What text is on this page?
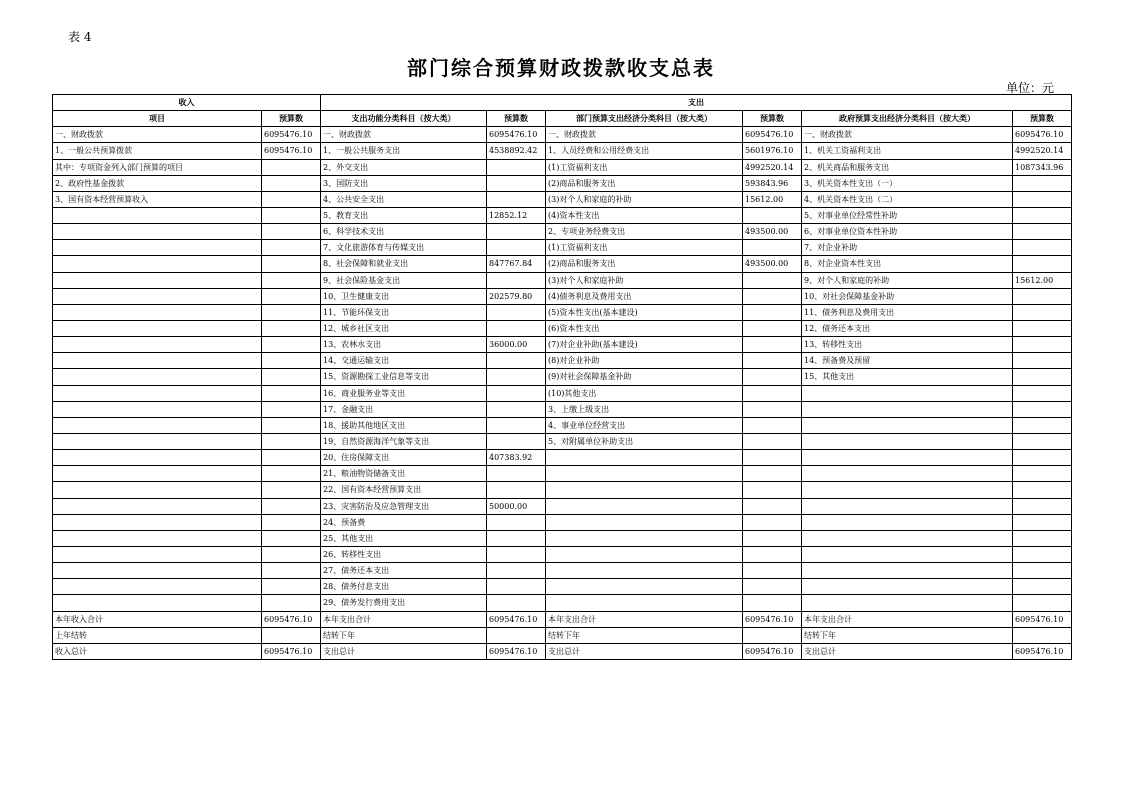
表 4
部门综合预算财政拨款收支总表
单位：元
收入		支出					
项目	预算数	支出功能分类科目（按大类）	预算数	部门预算支出经济分类科目（按大类）	预算数	政府预算支出经济分类科目（按大类）	预算数
一、财政拨款	6095476.10	一、财政拨款	6095476.10	一、财政拨款	6095476.10	一、财政拨款	6095476.10
1、一般公共预算拨款	6095476.10	1、一般公共服务支出	4538892.42	1、人员经费和公用经费支出	5601976.10	1、机关工资福利支出	4992520.14
其中：专项资金列入部门预算的项目		2、外交支出		(1)工资福利支出	4992520.14	2、机关商品和服务支出	1087343.96
2、政府性基金拨款		3、国防支出		(2)商品和服务支出	593843.96	3、机关资本性支出（一）	
3、国有资本经营预算收入		4、公共安全支出		(3)对个人和家庭的补助	15612.00	4、机关资本性支出（二）	
		5、教育支出	12852.12	(4)资本性支出		5、对事业单位经常性补助	
		6、科学技术支出		2、专项业务经费支出	493500.00	6、对事业单位资本性补助	
		7、文化旅游体育与传媒支出		(1)工资福利支出		7、对企业补助	
		8、社会保障和就业支出	847767.84	(2)商品和服务支出	493500.00	8、对企业资本性支出	
		9、社会保险基金支出		(3)对个人和家庭补助		9、对个人和家庭的补助	15612.00
		10、卫生健康支出	202579.80	(4)债务利息及费用支出		10、对社会保障基金补助	
		11、节能环保支出		(5)资本性支出(基本建设)		11、债务利息及费用支出	
		12、城乡社区支出		(6)资本性支出		12、债务还本支出	
		13、农林水支出	36000.00	(7)对企业补助(基本建设)		13、转移性支出	
		14、交通运输支出		(8)对企业补助		14、预备费及预留	
		15、资源勘探工业信息等支出		(9)对社会保障基金补助		15、其他支出	
		16、商业服务业等支出		(10)其他支出			
		17、金融支出		3、上缴上级支出			
		18、援助其他地区支出		4、事业单位经营支出			
		19、自然资源海洋气象等支出		5、对附属单位补助支出			
		20、住房保障支出	407383.92				
		21、粮油物资储备支出					
		22、国有资本经营预算支出					
		23、灾害防治及应急管理支出	50000.00				
		24、预备费					
		25、其他支出					
		26、转移性支出					
		27、债务还本支出					
		28、债务付息支出					
		29、债务发行费用支出					
本年收入合计	6095476.10	本年支出合计	6095476.10	本年支出合计	6095476.10	本年支出合计	6095476.10
上年结转		结转下年		结转下年		结转下年	
收入总计	6095476.10	支出总计	6095476.10	支出总计	6095476.10	支出总计	6095476.10
